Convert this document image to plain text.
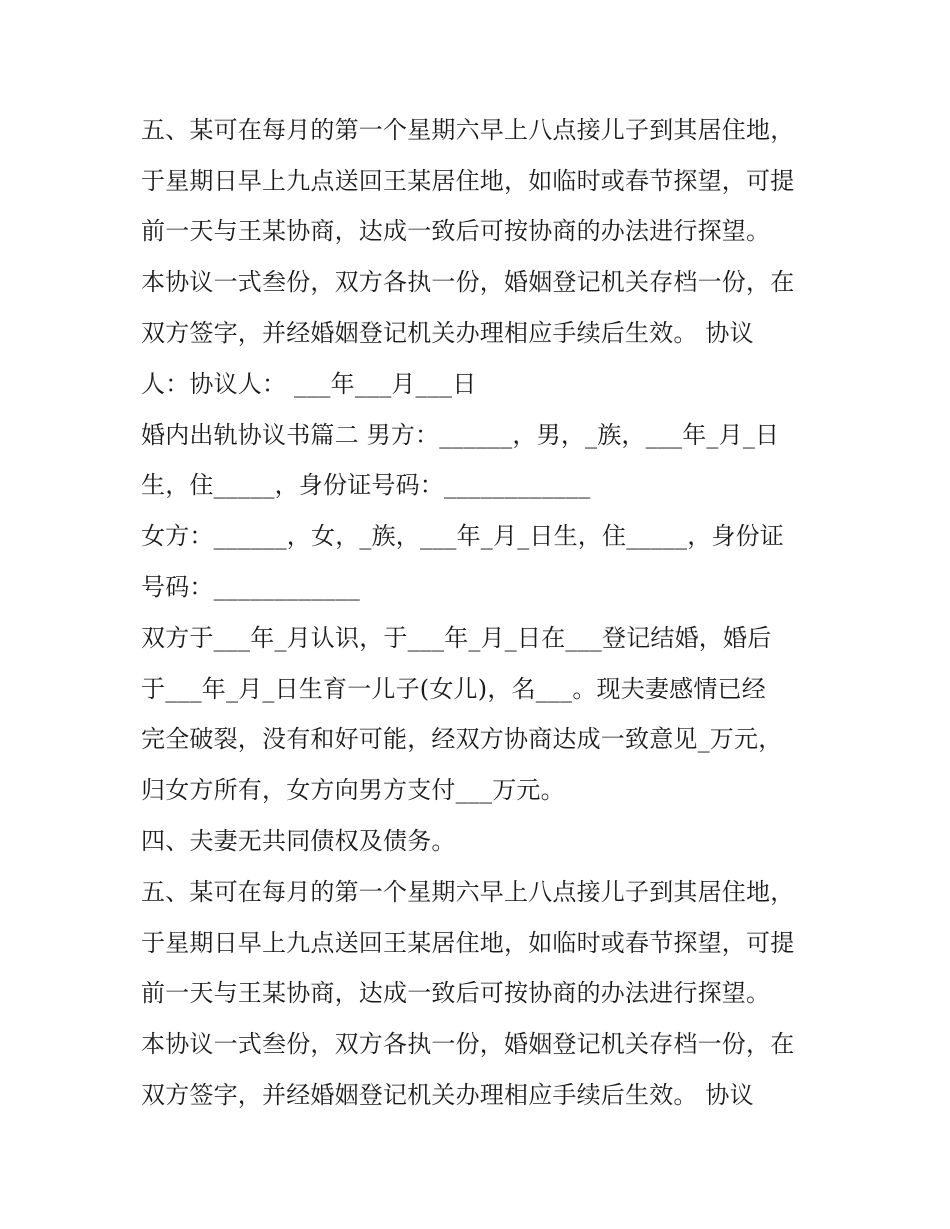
五、某可在每月的第一个星期六早上八点接儿子到其居住地，
于星期日早上九点送回王某居住地，如临时或春节探望，可提
前一天与王某协商，达成一致后可按协商的办法进行探望。
本协议一式叁份，双方各执一份，婚姻登记机关存档一份，在
双方签字，并经婚姻登记机关办理相应手续后生效。 协议
人：协议人： ___年___月___日
婚内出轨协议书篇二 男方：______，男，_族，___年_月_日
生，住_____，身份证号码：____________
女方：______，女，_族，___年_月_日生，住_____，身份证
号码：____________
双方于___年_月认识，于___年_月_日在___登记结婚，婚后
于___年_月_日生育一儿子(女儿)，名___。现夫妻感情已经
完全破裂，没有和好可能，经双方协商达成一致意见_万元，
归女方所有，女方向男方支付___万元。
四、夫妻无共同债权及债务。
五、某可在每月的第一个星期六早上八点接儿子到其居住地，
于星期日早上九点送回王某居住地，如临时或春节探望，可提
前一天与王某协商，达成一致后可按协商的办法进行探望。
本协议一式叁份，双方各执一份，婚姻登记机关存档一份，在
双方签字，并经婚姻登记机关办理相应手续后生效。 协议
